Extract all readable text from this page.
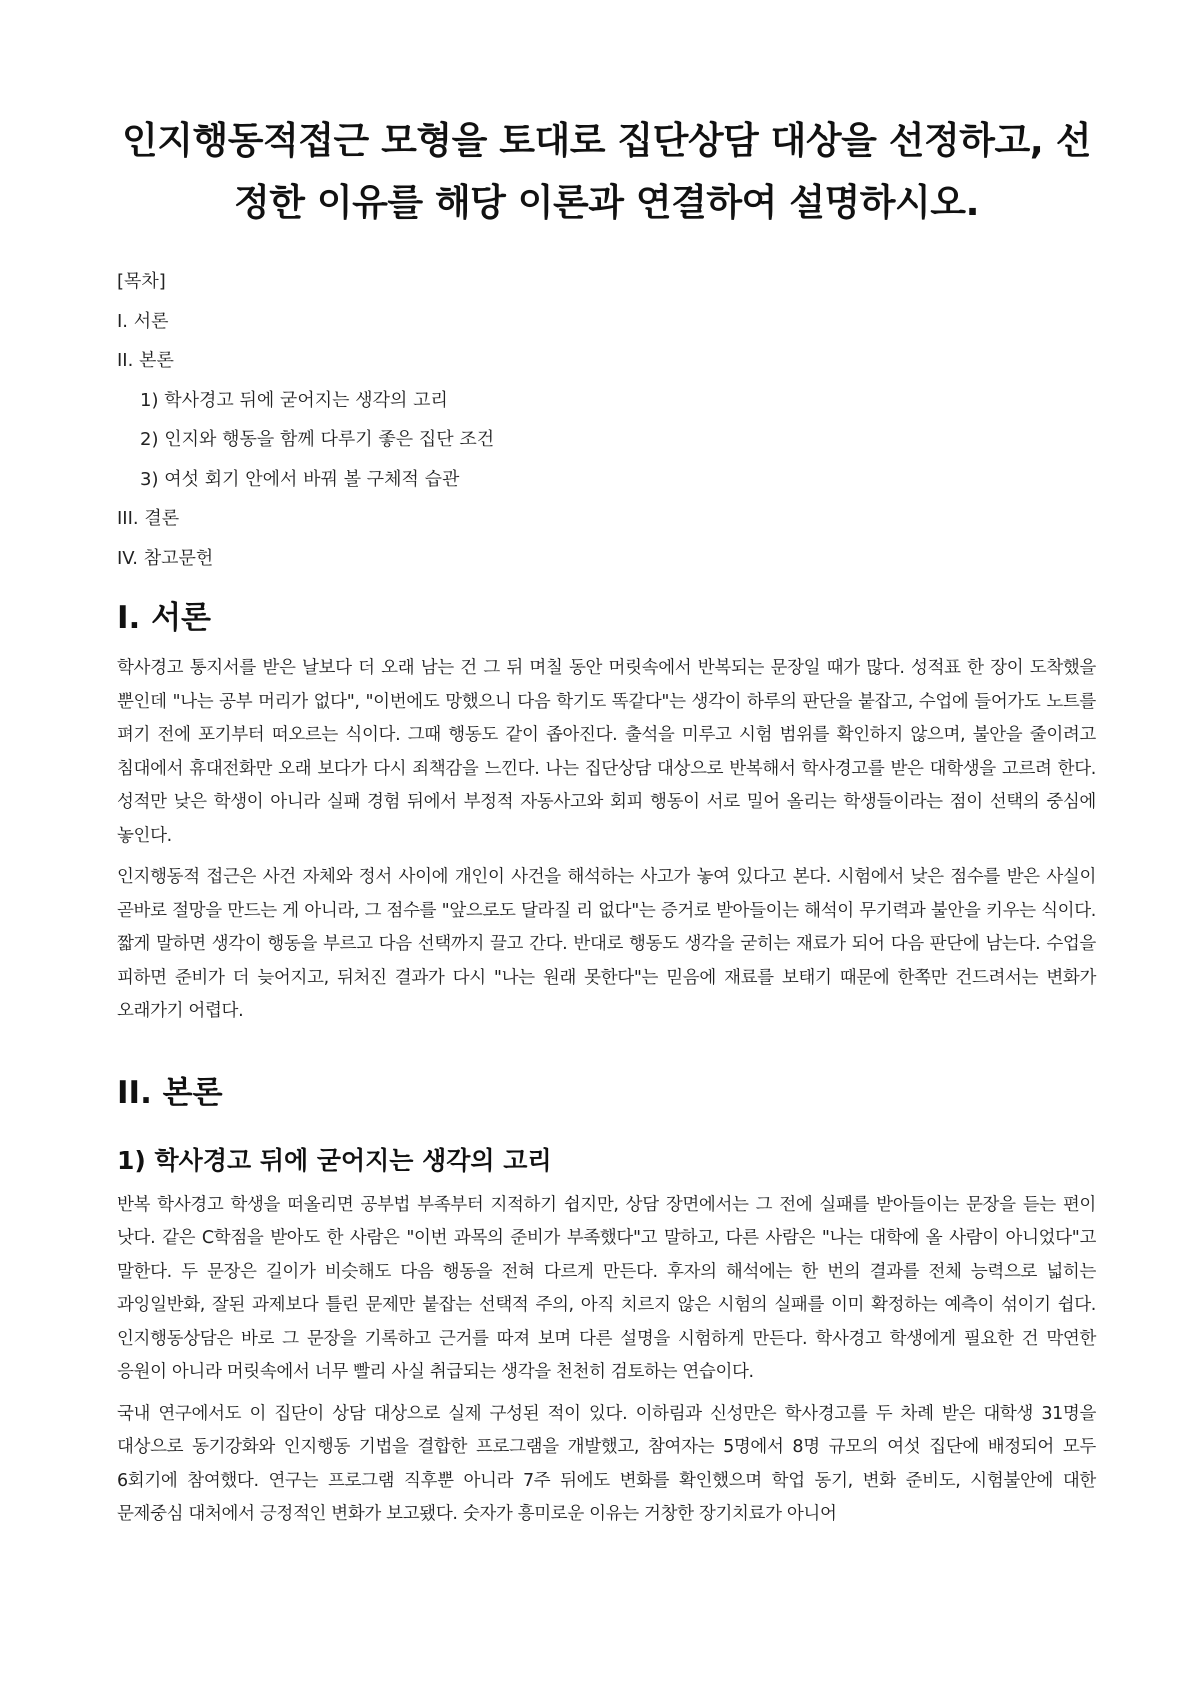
인지행동적접근 모형을 토대로 집단상담 대상을 선정하고, 선정한 이유를 해당 이론과 연결하여 설명하시오.
[목차]
I. 서론
II. 본론
1) 학사경고 뒤에 굳어지는 생각의 고리
2) 인지와 행동을 함께 다루기 좋은 집단 조건
3) 여섯 회기 안에서 바꿔 볼 구체적 습관
III. 결론
IV. 참고문헌
I. 서론

학사경고 통지서를 받은 날보다 더 오래 남는 건 그 뒤 며칠 동안 머릿속에서 반복되는 문장일 때가 많다. 성적표 한 장이 도착했을 뿐인데 "나는 공부 머리가 없다", "이번에도 망했으니 다음 학기도 똑같다"는 생각이 하루의 판단을 붙잡고, 수업에 들어가도 노트를 펴기 전에 포기부터 떠오르는 식이다. 그때 행동도 같이 좁아진다. 출석을 미루고 시험 범위를 확인하지 않으며, 불안을 줄이려고 침대에서 휴대전화만 오래 보다가 다시 죄책감을 느낀다. 나는 집단상담 대상으로 반복해서 학사경고를 받은 대학생을 고르려 한다. 성적만 낮은 학생이 아니라 실패 경험 뒤에서 부정적 자동사고와 회피 행동이 서로 밀어 올리는 학생들이라는 점이 선택의 중심에 놓인다.

인지행동적 접근은 사건 자체와 정서 사이에 개인이 사건을 해석하는 사고가 놓여 있다고 본다. 시험에서 낮은 점수를 받은 사실이 곧바로 절망을 만드는 게 아니라, 그 점수를 "앞으로도 달라질 리 없다"는 증거로 받아들이는 해석이 무기력과 불안을 키우는 식이다. 짧게 말하면 생각이 행동을 부르고 다음 선택까지 끌고 간다. 반대로 행동도 생각을 굳히는 재료가 되어 다음 판단에 남는다. 수업을 피하면 준비가 더 늦어지고, 뒤처진 결과가 다시 "나는 원래 못한다"는 믿음에 재료를 보태기 때문에 한쪽만 건드려서는 변화가 오래가기 어렵다.

II. 본론
1) 학사경고 뒤에 굳어지는 생각의 고리

반복 학사경고 학생을 떠올리면 공부법 부족부터 지적하기 쉽지만, 상담 장면에서는 그 전에 실패를 받아들이는 문장을 듣는 편이 낫다. 같은 C학점을 받아도 한 사람은 "이번 과목의 준비가 부족했다"고 말하고, 다른 사람은 "나는 대학에 올 사람이 아니었다"고 말한다. 두 문장은 길이가 비슷해도 다음 행동을 전혀 다르게 만든다. 후자의 해석에는 한 번의 결과를 전체 능력으로 넓히는 과잉일반화, 잘된 과제보다 틀린 문제만 붙잡는 선택적 주의, 아직 치르지 않은 시험의 실패를 이미 확정하는 예측이 섞이기 쉽다. 인지행동상담은 바로 그 문장을 기록하고 근거를 따져 보며 다른 설명을 시험하게 만든다. 학사경고 학생에게 필요한 건 막연한 응원이 아니라 머릿속에서 너무 빨리 사실 취급되는 생각을 천천히 검토하는 연습이다.

국내 연구에서도 이 집단이 상담 대상으로 실제 구성된 적이 있다. 이하림과 신성만은 학사경고를 두 차례 받은 대학생 31명을 대상으로 동기강화와 인지행동 기법을 결합한 프로그램을 개발했고, 참여자는 5명에서 8명 규모의 여섯 집단에 배정되어 모두 6회기에 참여했다. 연구는 프로그램 직후뿐 아니라 7주 뒤에도 변화를 확인했으며 학업 동기, 변화 준비도, 시험불안에 대한 문제중심 대처에서 긍정적인 변화가 보고됐다. 숫자가 흥미로운 이유는 거창한 장기치료가 아니어
